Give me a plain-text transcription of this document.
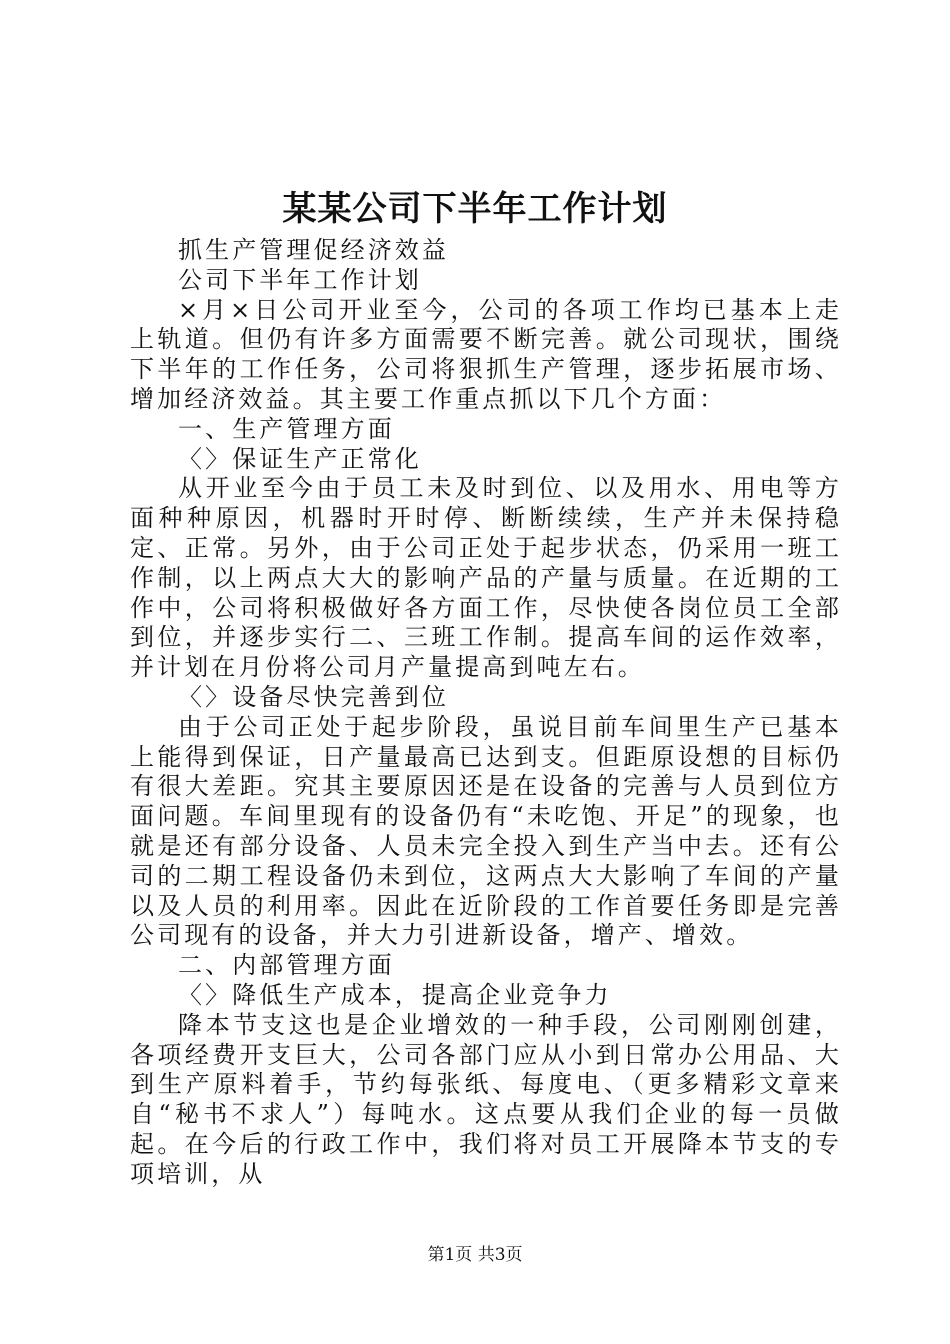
某某公司下半年工作计划

抓生产管理促经济效益

公司下半年工作计划

×月×日公司开业至今，公司的各项工作均已基本上走上轨道。但仍有许多方面需要不断完善。就公司现状，围绕下半年的工作任务，公司将狠抓生产管理，逐步拓展市场、增加经济效益。其主要工作重点抓以下几个方面：

一、生产管理方面

〈〉保证生产正常化

从开业至今由于员工未及时到位、以及用水、用电等方面种种原因，机器时开时停、断断续续，生产并未保持稳定、正常。另外，由于公司正处于起步状态，仍采用一班工作制，以上两点大大的影响产品的产量与质量。在近期的工作中，公司将积极做好各方面工作，尽快使各岗位员工全部到位，并逐步实行二、三班工作制。提高车间的运作效率，并计划在月份将公司月产量提高到吨左右。

〈〉设备尽快完善到位

由于公司正处于起步阶段，虽说目前车间里生产已基本上能得到保证，日产量最高已达到支。但距原设想的目标仍有很大差距。究其主要原因还是在设备的完善与人员到位方面问题。车间里现有的设备仍有“未吃饱、开足”的现象，也就是还有部分设备、人员未完全投入到生产当中去。还有公司的二期工程设备仍未到位，这两点大大影响了车间的产量以及人员的利用率。因此在近阶段的工作首要任务即是完善公司现有的设备，并大力引进新设备，增产、增效。

二、内部管理方面

〈〉降低生产成本，提高企业竞争力

降本节支这也是企业增效的一种手段，公司刚刚创建，各项经费开支巨大，公司各部门应从小到日常办公用品、大到生产原料着手，节约每张纸、每度电、（更多精彩文章来自“秘书不求人”）每吨水。这点要从我们企业的每一员做起。在今后的行政工作中，我们将对员工开展降本节支的专项培训，从

第1页 共3页
